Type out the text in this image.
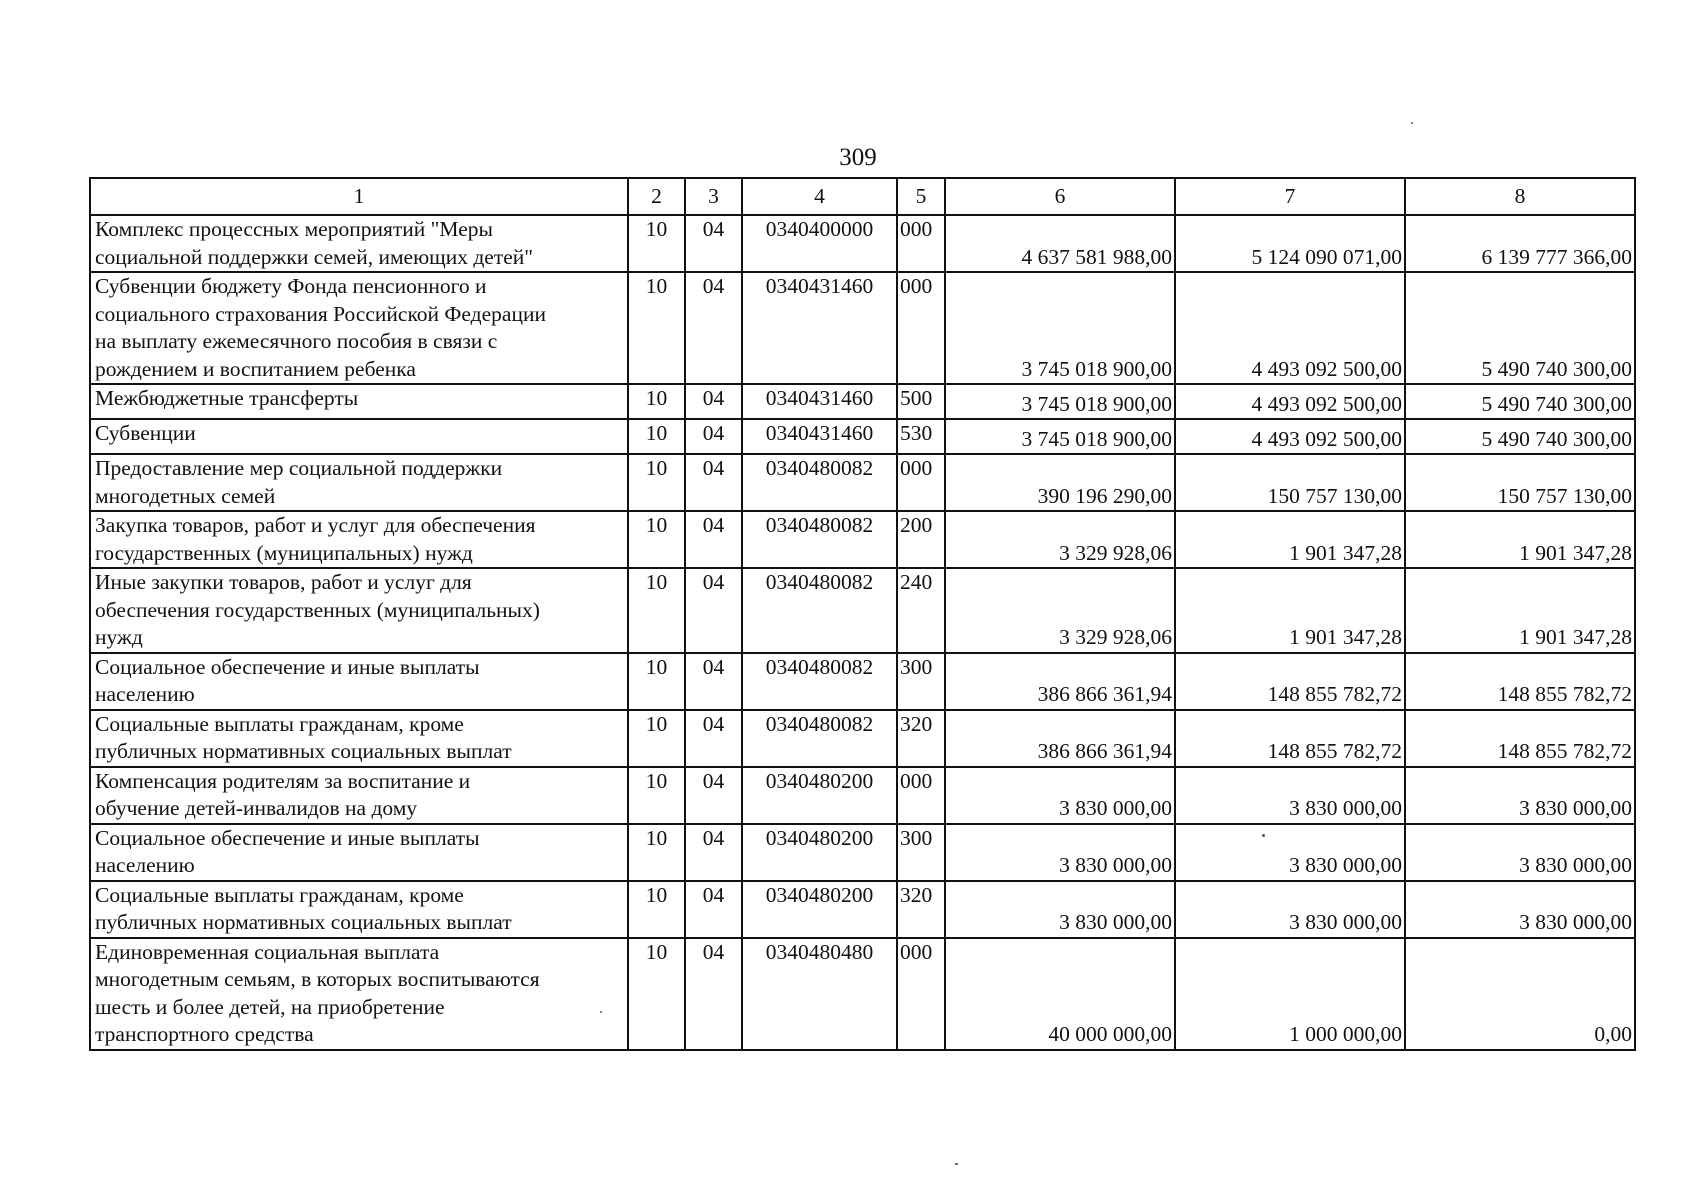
309
1	2	3	4	5	6	7	8
Комплекс процессных мероприятий "Меры
социальной поддержки семей, имеющих детей"	10	04	0340400000	000	4 637 581 988,00	5 124 090 071,00	6 139 777 366,00
Субвенции бюджету Фонда пенсионного и
социального страхования Российской Федерации
на выплату ежемесячного пособия в связи с
рождением и воспитанием ребенка	10	04	0340431460	000	3 745 018 900,00	4 493 092 500,00	5 490 740 300,00
Межбюджетные трансферты	10	04	0340431460	500	3 745 018 900,00	4 493 092 500,00	5 490 740 300,00
Субвенции	10	04	0340431460	530	3 745 018 900,00	4 493 092 500,00	5 490 740 300,00
Предоставление мер социальной поддержки
многодетных семей	10	04	0340480082	000	390 196 290,00	150 757 130,00	150 757 130,00
Закупка товаров, работ и услуг для обеспечения
государственных (муниципальных) нужд	10	04	0340480082	200	3 329 928,06	1 901 347,28	1 901 347,28
Иные закупки товаров, работ и услуг для
обеспечения государственных (муниципальных)
нужд	10	04	0340480082	240	3 329 928,06	1 901 347,28	1 901 347,28
Социальное обеспечение и иные выплаты
населению	10	04	0340480082	300	386 866 361,94	148 855 782,72	148 855 782,72
Социальные выплаты гражданам, кроме
публичных нормативных социальных выплат	10	04	0340480082	320	386 866 361,94	148 855 782,72	148 855 782,72
Компенсация родителям за воспитание и
обучение детей-инвалидов на дому	10	04	0340480200	000	3 830 000,00	3 830 000,00	3 830 000,00
Социальное обеспечение и иные выплаты
населению	10	04	0340480200	300	3 830 000,00	3 830 000,00	3 830 000,00
Социальные выплаты гражданам, кроме
публичных нормативных социальных выплат	10	04	0340480200	320	3 830 000,00	3 830 000,00	3 830 000,00
Единовременная социальная выплата
многодетным семьям, в которых воспитываются
шесть и более детей, на приобретение
транспортного средства	10	04	0340480480	000	40 000 000,00	1 000 000,00	0,00
